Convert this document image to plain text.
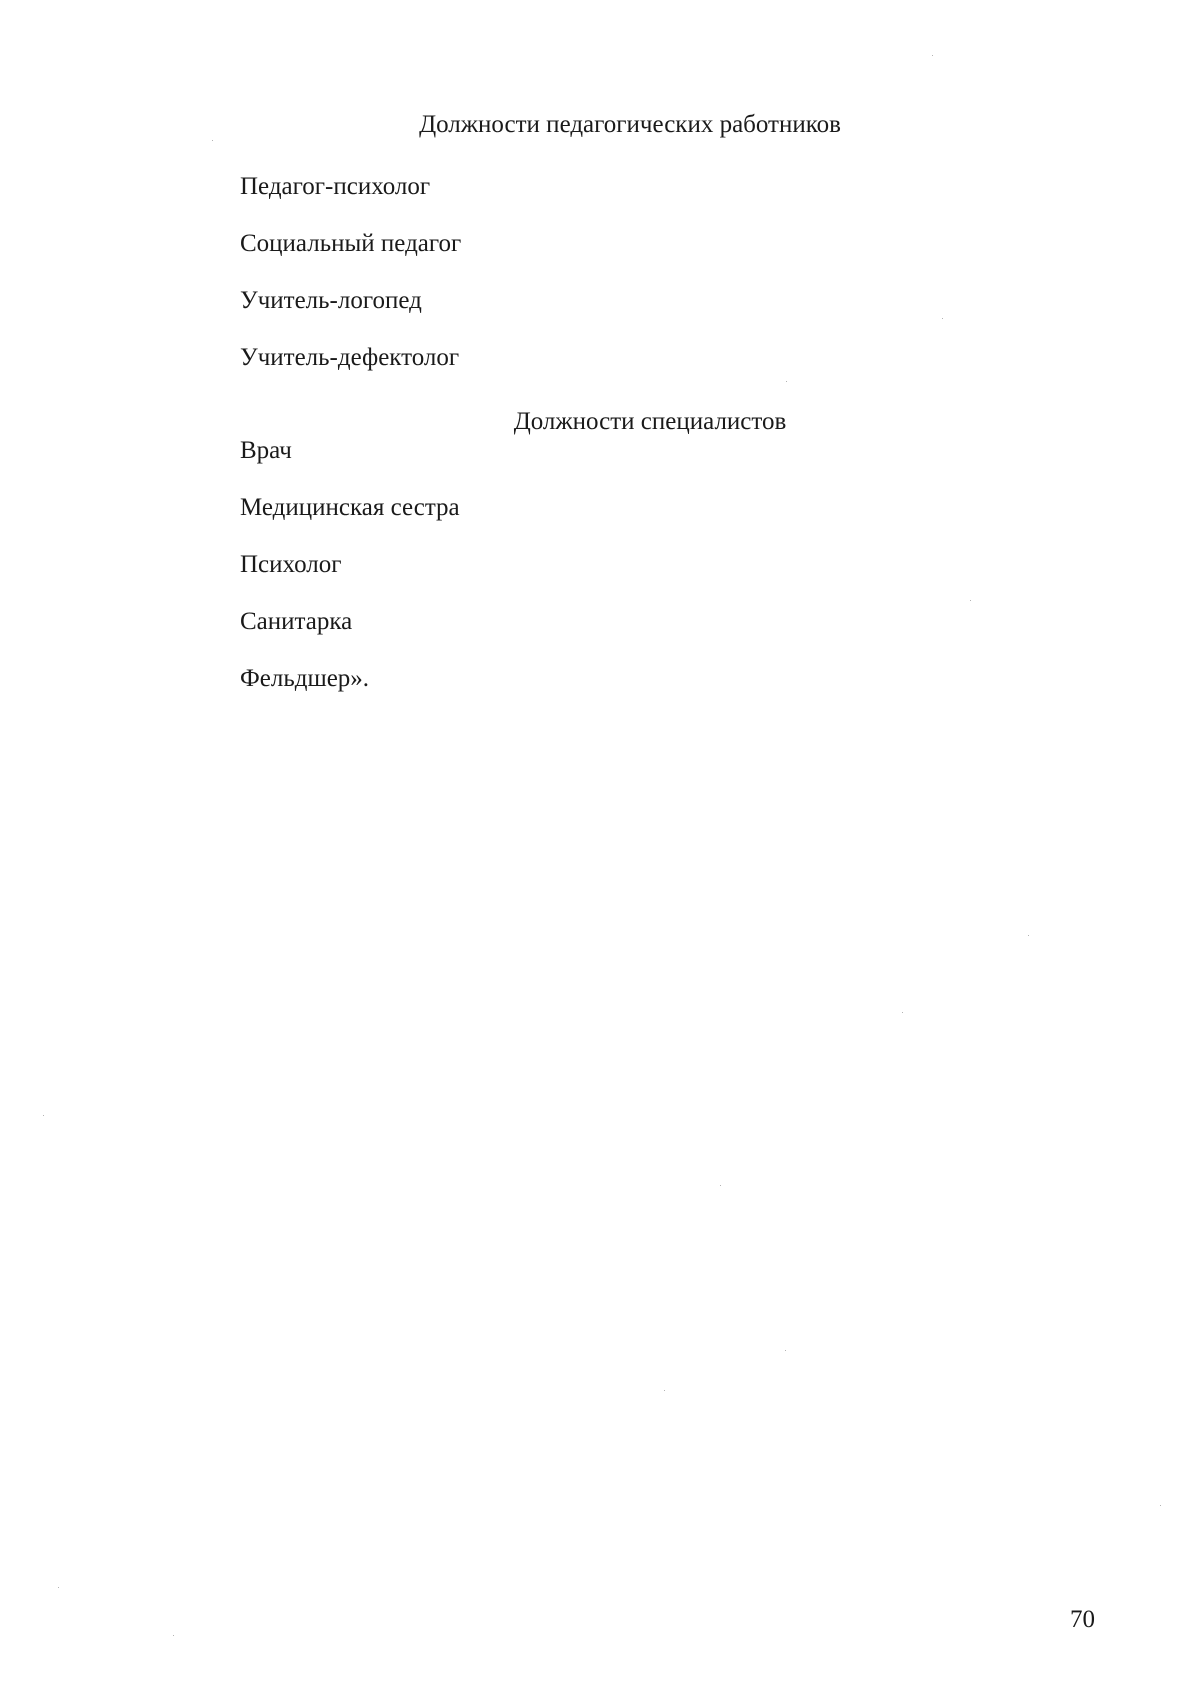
Должности педагогических работников
Педагог-психолог
Социальный педагог
Учитель-логопед
Учитель-дефектолог
Должности специалистов
Врач
Медицинская сестра
Психолог
Санитарка
Фельдшер».
70
